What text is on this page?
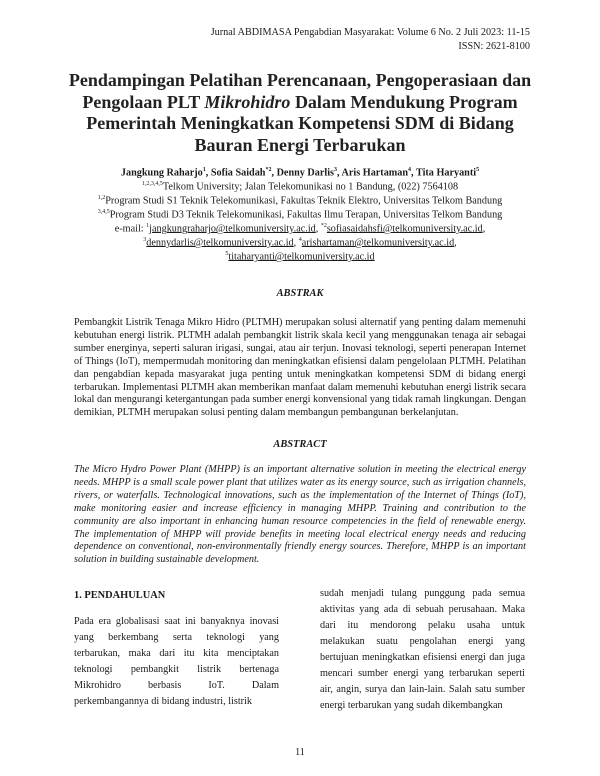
Jurnal ABDIMASA Pengabdian Masyarakat: Volume 6 No. 2 Juli 2023: 11-15
ISSN: 2621-8100
Pendampingan Pelatihan Perencanaan, Pengoperasiaan dan Pengolaan PLT Mikrohidro Dalam Mendukung Program Pemerintah Meningkatkan Kompetensi SDM di Bidang Bauran Energi Terbarukan
Jangkung Raharjo$^1$, Sofia Saidah$^{*2}$, Denny Darlis$^3$, Aris Hartaman$^4$, Tita Haryanti$^5$
$^{1,2,3,4,5}$Telkom University; Jalan Telekomunikasi no 1 Bandung, (022) 7564108
$^{1,2}$Program Studi S1 Teknik Telekomunikasi, Fakultas Teknik Elektro, Universitas Telkom Bandung
$^{3,4,5}$Program Studi D3 Teknik Telekomunikasi, Fakultas Ilmu Terapan, Universitas Telkom Bandung
e-mail: $^1$jangkungraharjo@telkomuniversity.ac.id, $^{*2}$sofiasaidahsfi@telkomuniversity.ac.id,
$^3$dennydarlis@telkomuniversity.ac.id, $^4$arishartaman@telkomuniversity.ac.id,
$^5$titaharyanti@telkomuniversity.ac.id
ABSTRAK
Pembangkit Listrik Tenaga Mikro Hidro (PLTMH) merupakan solusi alternatif yang penting dalam memenuhi kebutuhan energi listrik. PLTMH adalah pembangkit listrik skala kecil yang menggunakan tenaga air sebagai sumber energinya, seperti saluran irigasi, sungai, atau air terjun. Inovasi teknologi, seperti penerapan Internet of Things (IoT), mempermudah monitoring dan meningkatkan efisiensi dalam pengelolaan PLTMH. Pelatihan dan pengabdian kepada masyarakat juga penting untuk meningkatkan kompetensi SDM di bidang energi terbarukan. Implementasi PLTMH akan memberikan manfaat dalam memenuhi kebutuhan energi listrik secara lokal dan mengurangi ketergantungan pada sumber energi konvensional yang tidak ramah lingkungan. Dengan demikian, PLTMH merupakan solusi penting dalam membangun pembangunan berkelanjutan.
ABSTRACT
The Micro Hydro Power Plant (MHPP) is an important alternative solution in meeting the electrical energy needs. MHPP is a small scale power plant that utilizes water as its energy source, such as irrigation channels, rivers, or waterfalls. Technological innovations, such as the implementation of the Internet of Things (IoT), make monitoring easier and increase efficiency in managing MHPP. Training and contribution to the community are also important in enhancing human resource competencies in the field of renewable energy. The implementation of MHPP will provide benefits in meeting local electrical energy needs and reducing dependence on conventional, non-environmentally friendly energy sources. Therefore, MHPP is an important solution in building sustainable development.
1. PENDAHULUAN
Pada era globalisasi saat ini banyaknya inovasi yang berkembang serta teknologi yang terbarukan, maka dari itu kita menciptakan teknologi pembangkit listrik bertenaga Mikrohidro berbasis IoT. Dalam perkembangannya di bidang industri, listrik
sudah menjadi tulang punggung pada semua aktivitas yang ada di sebuah perusahaan. Maka dari itu mendorong pelaku usaha untuk melakukan suatu pengolahan energi yang bertujuan meningkatkan efisiensi energi dan juga mencari sumber energi yang terbarukan seperti air, angin, surya dan lain-lain. Salah satu sumber energi terbarukan yang sudah dikembangkan
11
